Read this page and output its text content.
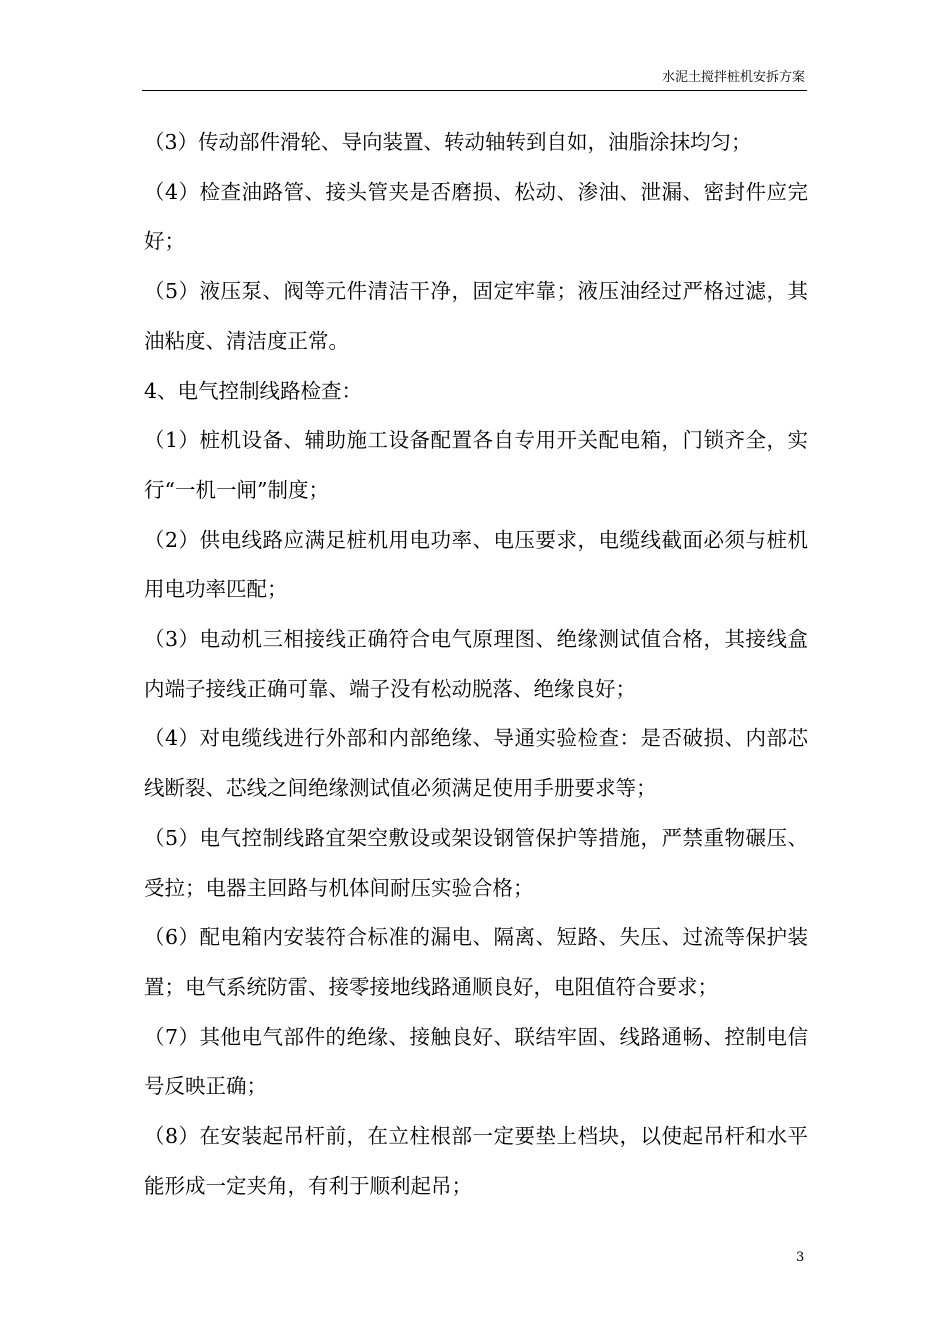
水泥土搅拌桩机安拆方案

（3）传动部件滑轮、导向装置、转动轴转到自如，油脂涂抹均匀；

（4）检查油路管、接头管夹是否磨损、松动、渗油、泄漏、密封件应完好；

（5）液压泵、阀等元件清洁干净，固定牢靠；液压油经过严格过滤，其油粘度、清洁度正常。

4、电气控制线路检查：

（1）桩机设备、辅助施工设备配置各自专用开关配电箱，门锁齐全，实行“一机一闸”制度；

（2）供电线路应满足桩机用电功率、电压要求，电缆线截面必须与桩机用电功率匹配；

（3）电动机三相接线正确符合电气原理图、绝缘测试值合格，其接线盒内端子接线正确可靠、端子没有松动脱落、绝缘良好；

（4）对电缆线进行外部和内部绝缘、导通实验检查：是否破损、内部芯线断裂、芯线之间绝缘测试值必须满足使用手册要求等；

（5）电气控制线路宜架空敷设或架设钢管保护等措施，严禁重物碾压、受拉；电器主回路与机体间耐压实验合格；

（6）配电箱内安装符合标准的漏电、隔离、短路、失压、过流等保护装置；电气系统防雷、接零接地线路通顺良好，电阻值符合要求；

（7）其他电气部件的绝缘、接触良好、联结牢固、线路通畅、控制电信号反映正确；

（8）在安装起吊杆前，在立柱根部一定要垫上档块，以使起吊杆和水平能形成一定夹角，有利于顺利起吊；

3
